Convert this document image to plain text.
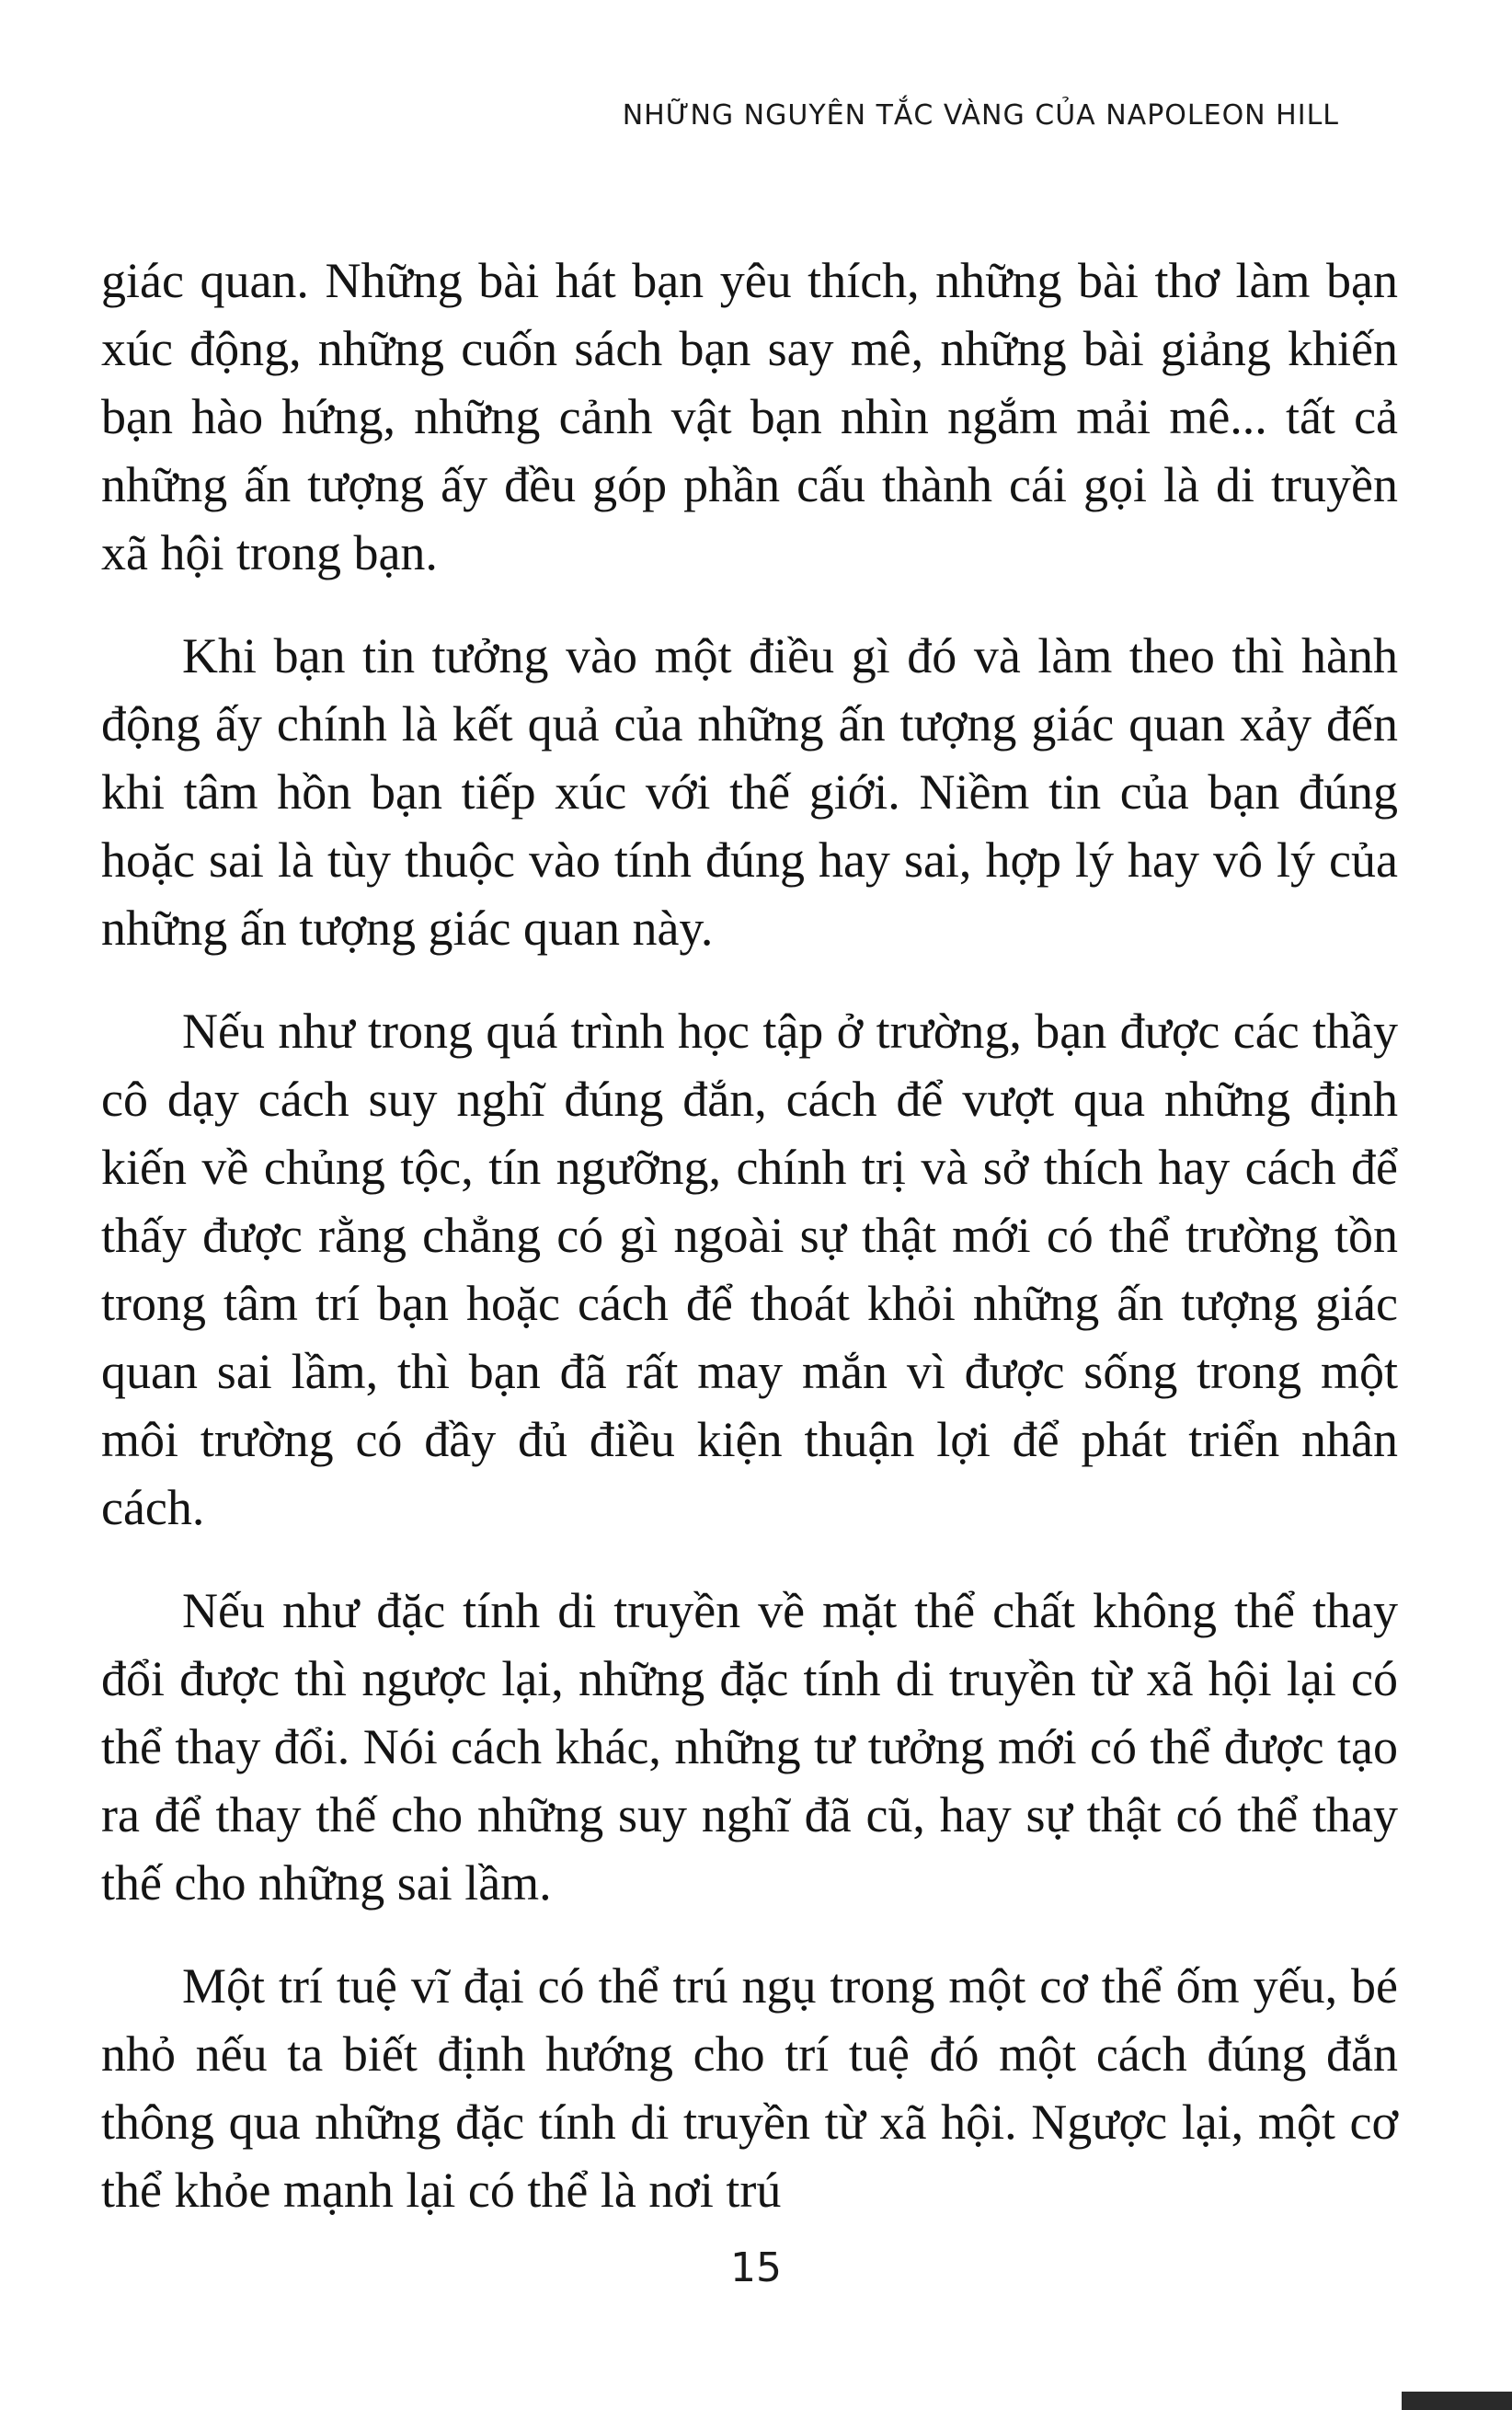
NHỮNG NGUYÊN TẮC VÀNG CỦA NAPOLEON HILL

giác quan. Những bài hát bạn yêu thích, những bài thơ làm bạn xúc động, những cuốn sách bạn say mê, những bài giảng khiến bạn hào hứng, những cảnh vật bạn nhìn ngắm mải mê... tất cả những ấn tượng ấy đều góp phần cấu thành cái gọi là di truyền xã hội trong bạn.

Khi bạn tin tưởng vào một điều gì đó và làm theo thì hành động ấy chính là kết quả của những ấn tượng giác quan xảy đến khi tâm hồn bạn tiếp xúc với thế giới. Niềm tin của bạn đúng hoặc sai là tùy thuộc vào tính đúng hay sai, hợp lý hay vô lý của những ấn tượng giác quan này.

Nếu như trong quá trình học tập ở trường, bạn được các thầy cô dạy cách suy nghĩ đúng đắn, cách để vượt qua những định kiến về chủng tộc, tín ngưỡng, chính trị và sở thích hay cách để thấy được rằng chẳng có gì ngoài sự thật mới có thể trường tồn trong tâm trí bạn hoặc cách để thoát khỏi những ấn tượng giác quan sai lầm, thì bạn đã rất may mắn vì được sống trong một môi trường có đầy đủ điều kiện thuận lợi để phát triển nhân cách.

Nếu như đặc tính di truyền về mặt thể chất không thể thay đổi được thì ngược lại, những đặc tính di truyền từ xã hội lại có thể thay đổi. Nói cách khác, những tư tưởng mới có thể được tạo ra để thay thế cho những suy nghĩ đã cũ, hay sự thật có thể thay thế cho những sai lầm.

Một trí tuệ vĩ đại có thể trú ngụ trong một cơ thể ốm yếu, bé nhỏ nếu ta biết định hướng cho trí tuệ đó một cách đúng đắn thông qua những đặc tính di truyền từ xã hội. Ngược lại, một cơ thể khỏe mạnh lại có thể là nơi trú

15
